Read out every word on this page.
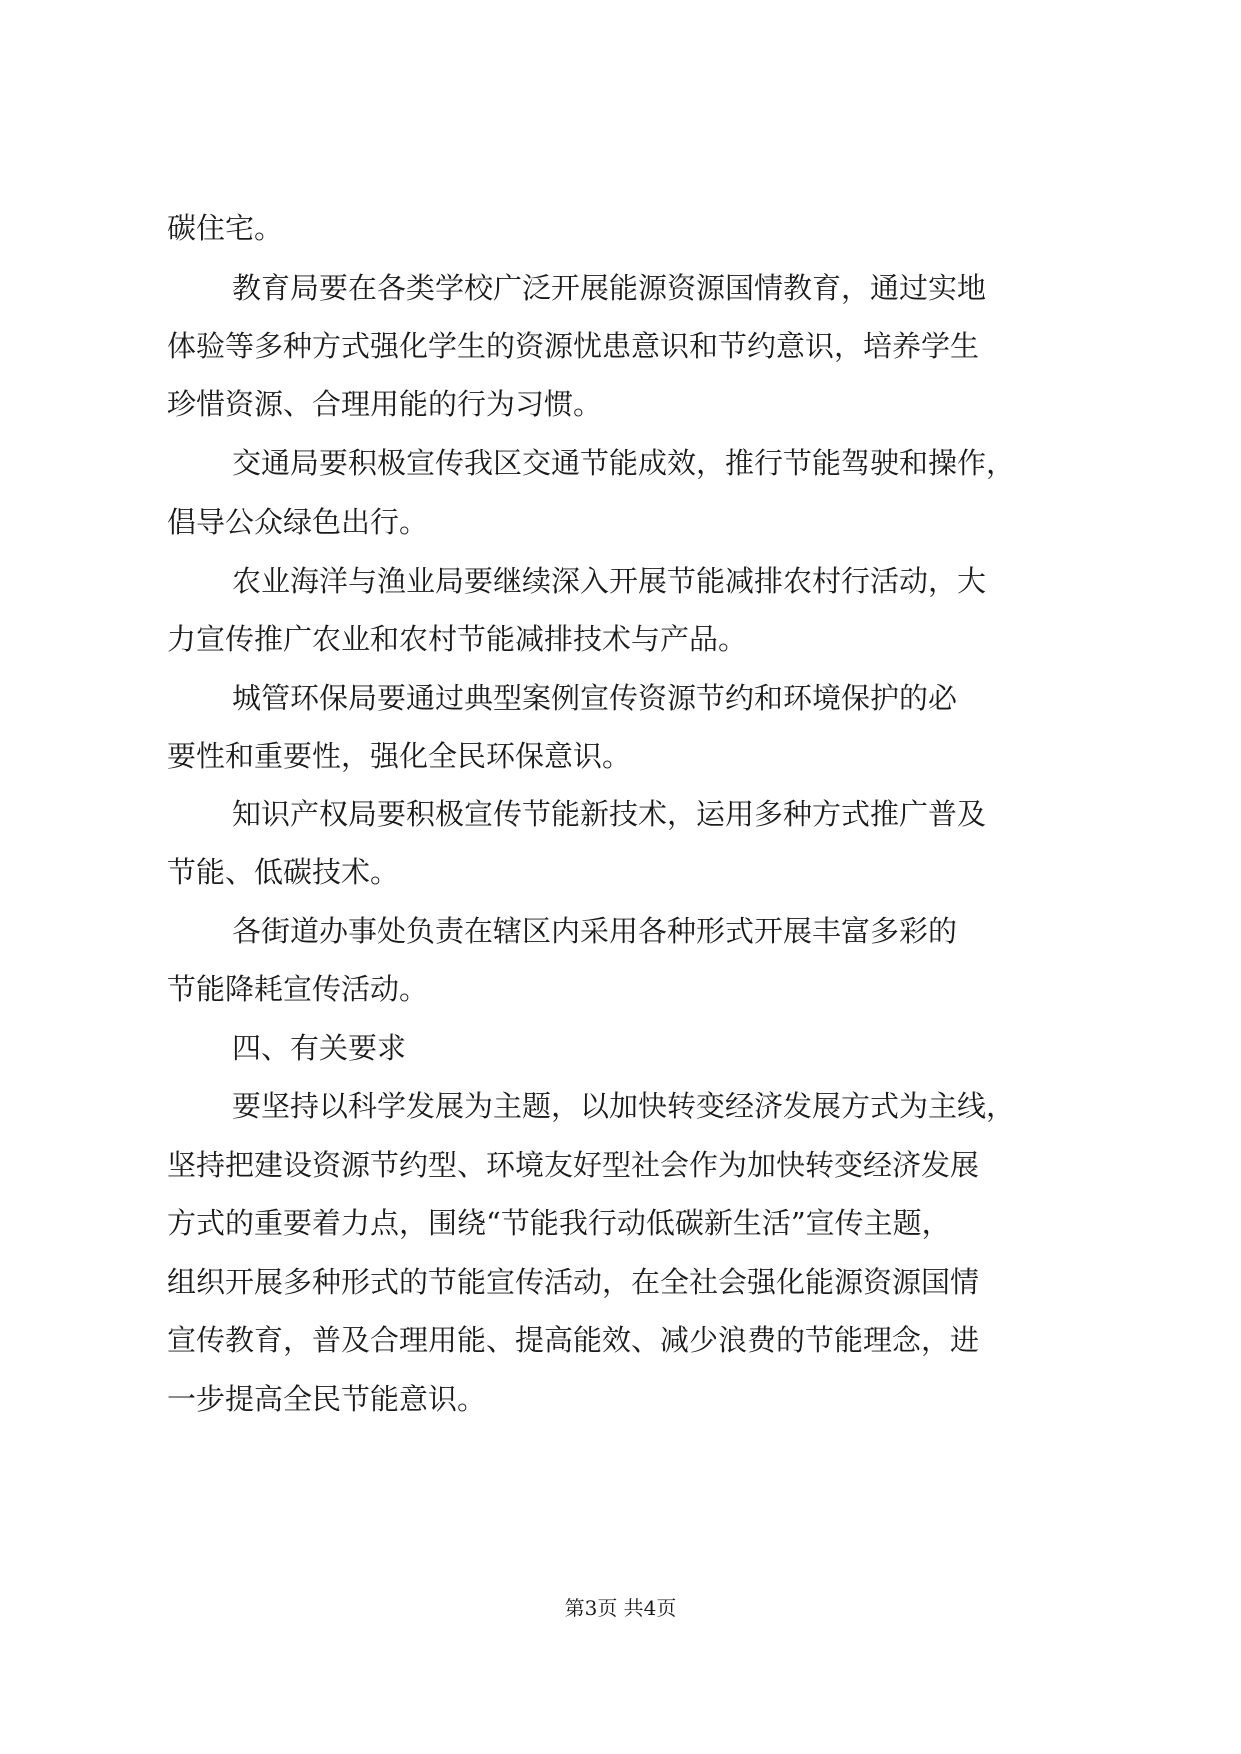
碳住宅。
教育局要在各类学校广泛开展能源资源国情教育，通过实地
体验等多种方式强化学生的资源忧患意识和节约意识，培养学生
珍惜资源、合理用能的行为习惯。
交通局要积极宣传我区交通节能成效，推行节能驾驶和操作，
倡导公众绿色出行。
农业海洋与渔业局要继续深入开展节能减排农村行活动，大
力宣传推广农业和农村节能减排技术与产品。
城管环保局要通过典型案例宣传资源节约和环境保护的必
要性和重要性，强化全民环保意识。
知识产权局要积极宣传节能新技术，运用多种方式推广普及
节能、低碳技术。
各街道办事处负责在辖区内采用各种形式开展丰富多彩的
节能降耗宣传活动。
四、有关要求
要坚持以科学发展为主题，以加快转变经济发展方式为主线，
坚持把建设资源节约型、环境友好型社会作为加快转变经济发展
方式的重要着力点，围绕“节能我行动低碳新生活”宣传主题，
组织开展多种形式的节能宣传活动，在全社会强化能源资源国情
宣传教育，普及合理用能、提高能效、减少浪费的节能理念，进
一步提高全民节能意识。
第3页 共4页
